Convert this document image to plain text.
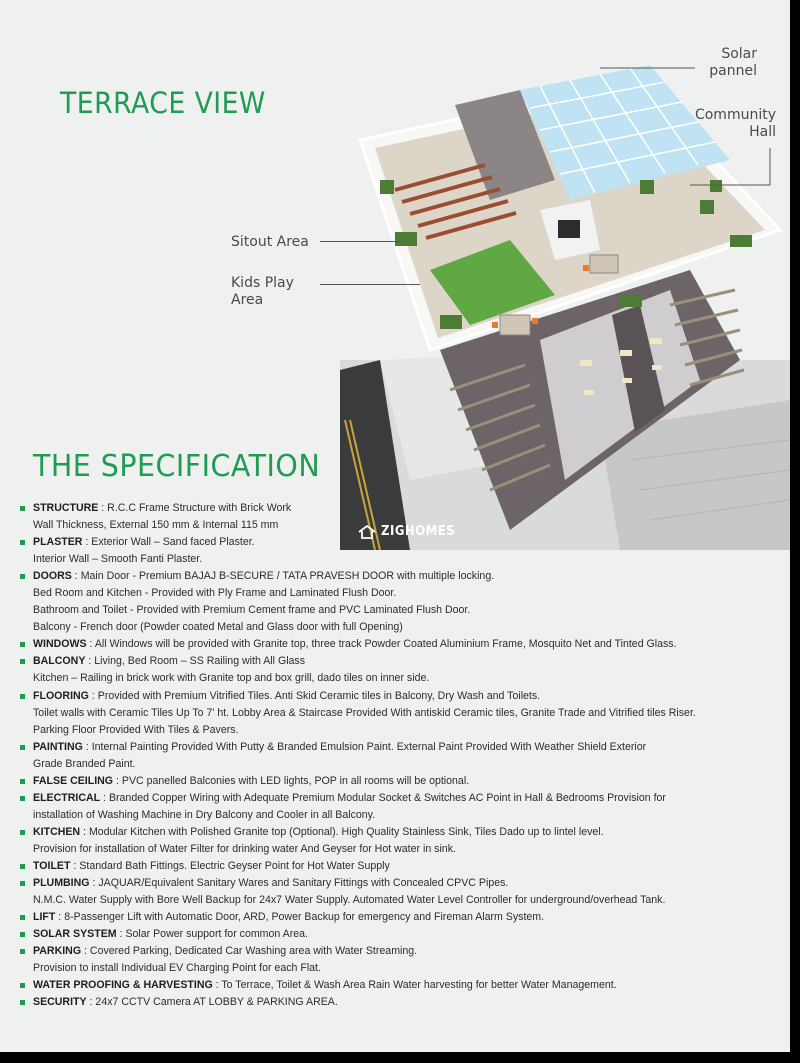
TERRACE VIEW
Solar
pannel
Community
Hall
Sitout Area
Kids Play
Area
ZIGHOMES
THE SPECIFICATION
STRUCTURE : R.C.C Frame Structure with Brick Work
Wall Thickness, External 150 mm & Internal 115 mm
PLASTER : Exterior Wall – Sand faced Plaster.
Interior Wall – Smooth Fanti Plaster.
DOORS : Main Door - Premium BAJAJ B-SECURE / TATA PRAVESH DOOR with multiple locking.
Bed Room and Kitchen - Provided with Ply Frame and Laminated Flush Door.
Bathroom and Toilet - Provided with Premium Cement frame and PVC Laminated Flush Door.
Balcony - French door (Powder coated Metal and Glass door with full Opening)
WINDOWS : All Windows will be provided with Granite top, three track Powder Coated Aluminium Frame, Mosquito Net and Tinted Glass.
BALCONY : Living, Bed Room – SS Railing with All Glass
Kitchen – Railing in brick work with Granite top and box grill, dado tiles on inner side.
FLOORING : Provided with Premium Vitrified Tiles. Anti Skid Ceramic tiles in Balcony, Dry Wash and Toilets.
Toilet walls with Ceramic Tiles Up To 7' ht. Lobby Area & Staircase Provided With antiskid Ceramic tiles, Granite Trade and Vitrified tiles Riser.
Parking Floor Provided With Tiles & Pavers.
PAINTING : Internal Painting Provided With Putty & Branded Emulsion Paint. External Paint Provided With Weather Shield Exterior
Grade Branded Paint.
FALSE CEILING : PVC panelled Balconies with LED lights, POP in all rooms will be optional.
ELECTRICAL : Branded Copper Wiring with Adequate Premium Modular Socket & Switches AC Point in Hall & Bedrooms Provision for
installation of Washing Machine in Dry Balcony and Cooler in all Balcony.
KITCHEN : Modular Kitchen with Polished Granite top (Optional). High Quality Stainless Sink, Tiles Dado up to lintel level.
Provision for installation of Water Filter for drinking water And Geyser for Hot water in sink.
TOILET : Standard Bath Fittings. Electric Geyser Point for Hot Water Supply
PLUMBING : JAQUAR/Equivalent Sanitary Wares and Sanitary Fittings with Concealed CPVC Pipes.
N.M.C. Water Supply with Bore Well Backup for 24x7 Water Supply. Automated Water Level Controller for underground/overhead Tank.
LIFT : 8-Passenger Lift with Automatic Door, ARD, Power Backup for emergency and Fireman Alarm System.
SOLAR SYSTEM : Solar Power support for common Area.
PARKING : Covered Parking, Dedicated Car Washing area with Water Streaming.
Provision to install Individual EV Charging Point for each Flat.
WATER PROOFING & HARVESTING : To Terrace, Toilet & Wash Area Rain Water harvesting for better Water Management.
SECURITY : 24x7 CCTV Camera AT LOBBY & PARKING AREA.
